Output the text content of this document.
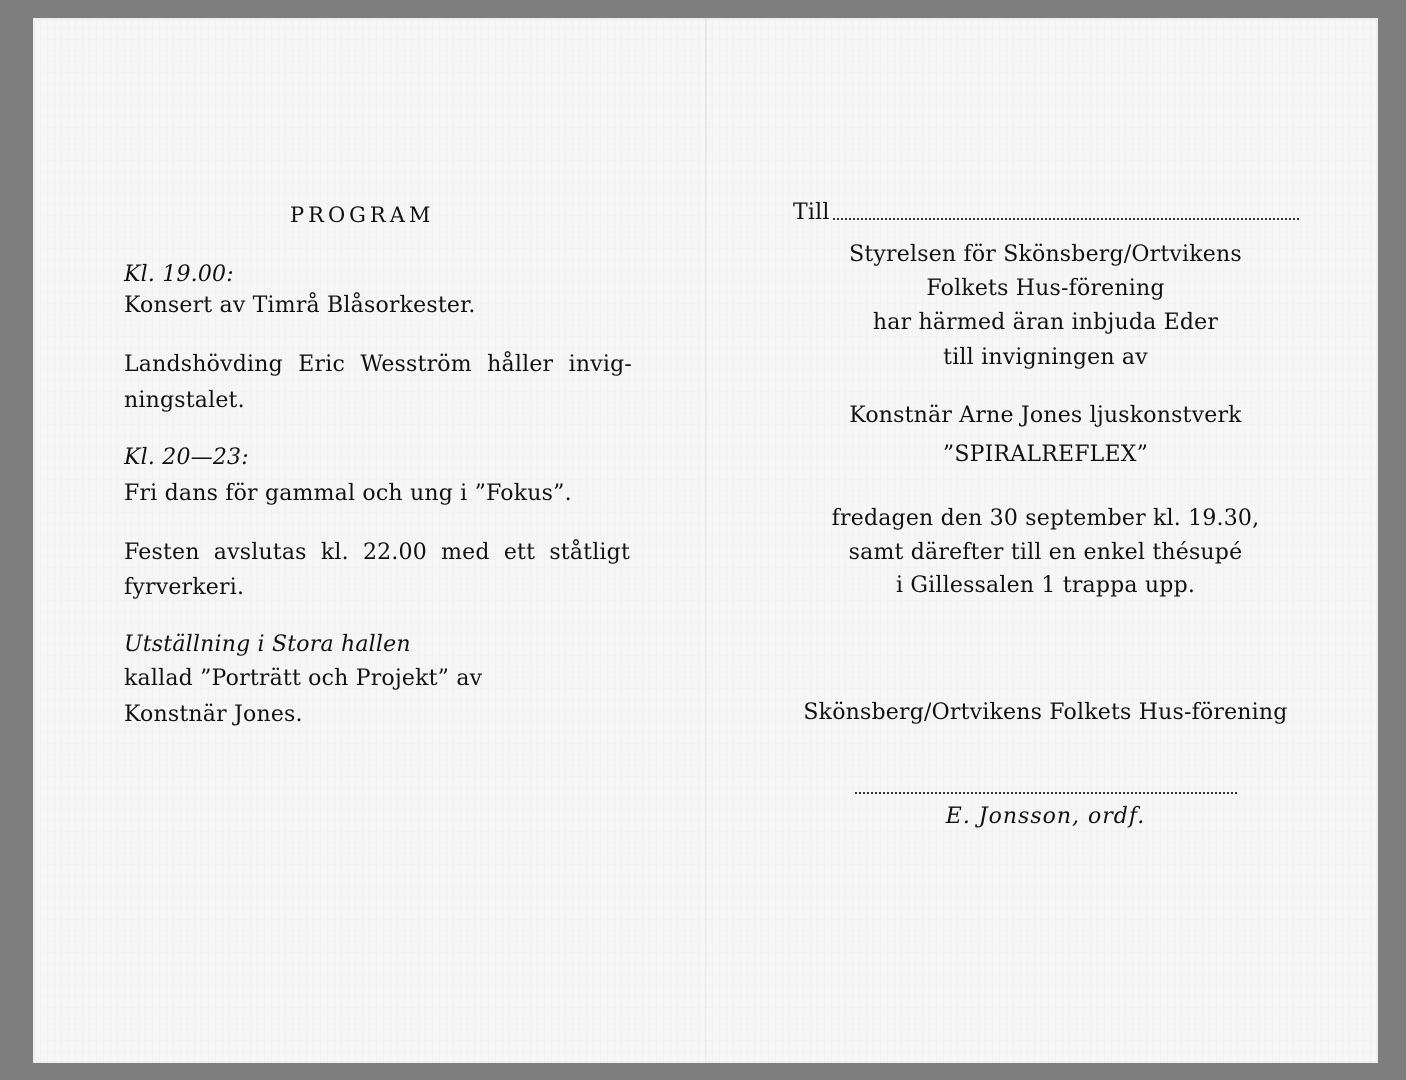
PROGRAM
Kl. 19.00:
Konsert av Timrå Blåsorkester.
Landshövding Eric Wesström håller invig-
ningstalet.
Kl. 20—23:
Fri dans för gammal och ung i ”Fokus”.
Festen avslutas kl. 22.00 med ett ståtligt
fyrverkeri.
Utställning i Stora hallen
kallad ”Porträtt och Projekt” av
Konstnär Jones.
Till
Styrelsen för Skönsberg/Ortvikens
Folkets Hus-förening
har härmed äran inbjuda Eder
till invigningen av
Konstnär Arne Jones ljuskonstverk
”SPIRALREFLEX”
fredagen den 30 september kl. 19.30,
samt därefter till en enkel thésupé
i Gillessalen 1 trappa upp.
Skönsberg/Ortvikens Folkets Hus-förening
E. Jonsson, ordf.
